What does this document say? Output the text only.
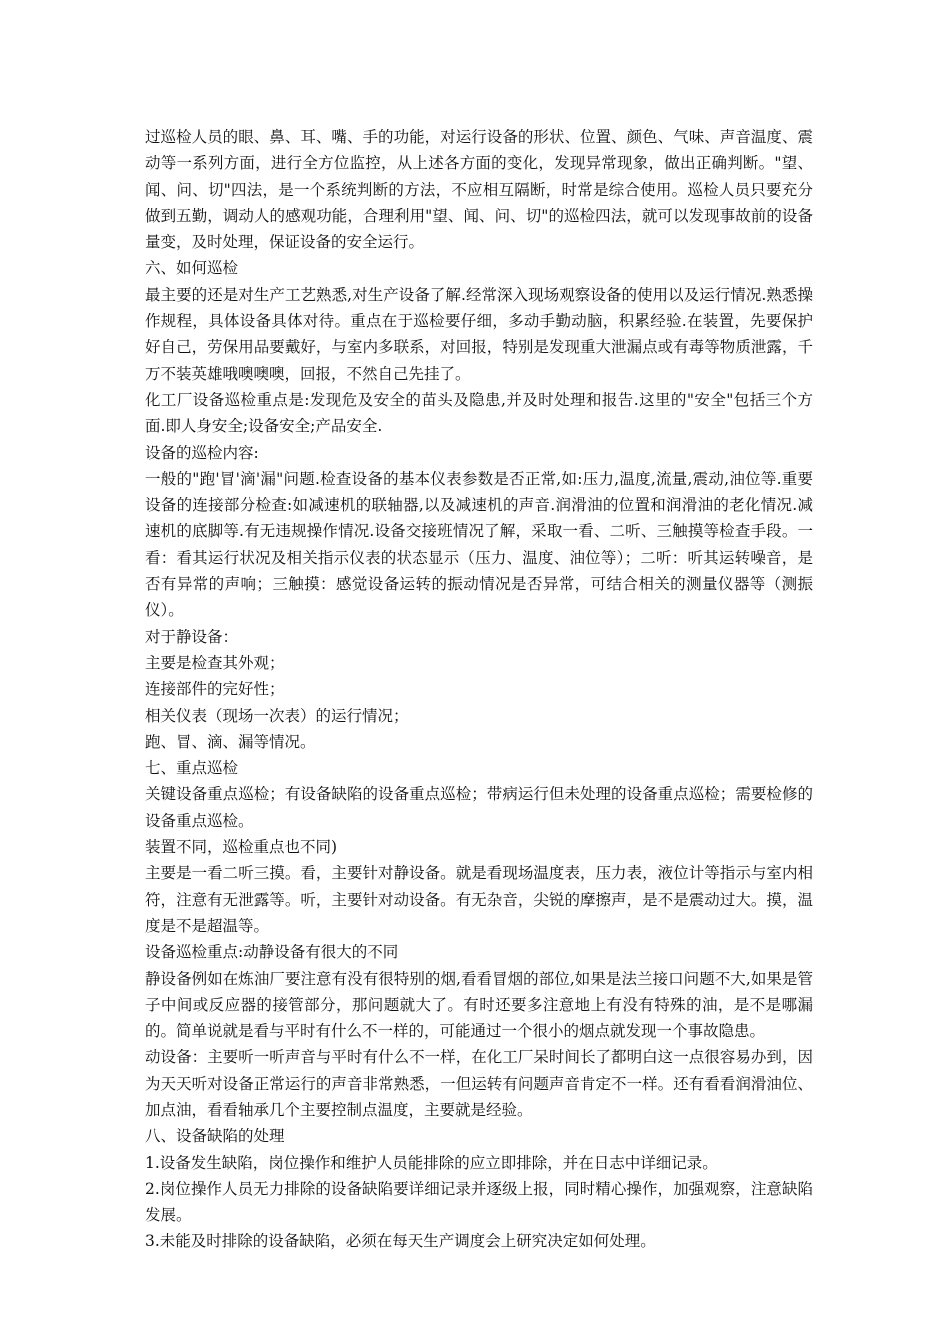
过巡检人员的眼、鼻、耳、嘴、手的功能，对运行设备的形状、位置、颜色、气味、声音温度、震动等一系列方面，进行全方位监控，从上述各方面的变化，发现异常现象，做出正确判断。"望、闻、问、切"四法，是一个系统判断的方法，不应相互隔断，时常是综合使用。巡检人员只要充分做到五勤，调动人的感观功能，合理利用"望、闻、问、切"的巡检四法，就可以发现事故前的设备量变，及时处理，保证设备的安全运行。

六、如何巡检

最主要的还是对生产工艺熟悉,对生产设备了解.经常深入现场观察设备的使用以及运行情况.熟悉操作规程，具体设备具体对待。重点在于巡检要仔细，多动手勤动脑，积累经验.在装置，先要保护好自己，劳保用品要戴好，与室内多联系，对回报，特别是发现重大泄漏点或有毒等物质泄露，千万不装英雄哦噢噢噢，回报，不然自己先挂了。

化工厂设备巡检重点是:发现危及安全的苗头及隐患,并及时处理和报告.这里的"安全"包括三个方面.即人身安全;设备安全;产品安全.

设备的巡检内容:

一般的"跑'冒'滴'漏"问题.检查设备的基本仪表参数是否正常,如:压力,温度,流量,震动,油位等.重要设备的连接部分检查:如减速机的联轴器,以及减速机的声音.润滑油的位置和润滑油的老化情况.减速机的底脚等.有无违规操作情况.设备交接班情况了解，采取一看、二听、三触摸等检查手段。一看：看其运行状况及相关指示仪表的状态显示（压力、温度、油位等）；二听：听其运转噪音，是否有异常的声响；三触摸：感觉设备运转的振动情况是否异常，可结合相关的测量仪器等（测振仪）。

对于静设备：

主要是检查其外观；

连接部件的完好性；

相关仪表（现场一次表）的运行情况；

跑、冒、滴、漏等情况。

七、重点巡检

关键设备重点巡检；有设备缺陷的设备重点巡检；带病运行但未处理的设备重点巡检；需要检修的设备重点巡检。

装置不同，巡检重点也不同)

主要是一看二听三摸。看，主要针对静设备。就是看现场温度表，压力表，液位计等指示与室内相符，注意有无泄露等。听，主要针对动设备。有无杂音，尖锐的摩擦声，是不是震动过大。摸，温度是不是超温等。

设备巡检重点:动静设备有很大的不同

静设备例如在炼油厂要注意有没有很特别的烟,看看冒烟的部位,如果是法兰接口问题不大,如果是管子中间或反应器的接管部分，那问题就大了。有时还要多注意地上有没有特殊的油，是不是哪漏的。简单说就是看与平时有什么不一样的，可能通过一个很小的烟点就发现一个事故隐患。

动设备：主要听一听声音与平时有什么不一样，在化工厂呆时间长了都明白这一点很容易办到，因为天天听对设备正常运行的声音非常熟悉，一但运转有问题声音肯定不一样。还有看看润滑油位、加点油，看看轴承几个主要控制点温度，主要就是经验。

八、设备缺陷的处理

1.设备发生缺陷，岗位操作和维护人员能排除的应立即排除，并在日志中详细记录。

2.岗位操作人员无力排除的设备缺陷要详细记录并逐级上报，同时精心操作，加强观察，注意缺陷发展。

3.未能及时排除的设备缺陷，必须在每天生产调度会上研究决定如何处理。
